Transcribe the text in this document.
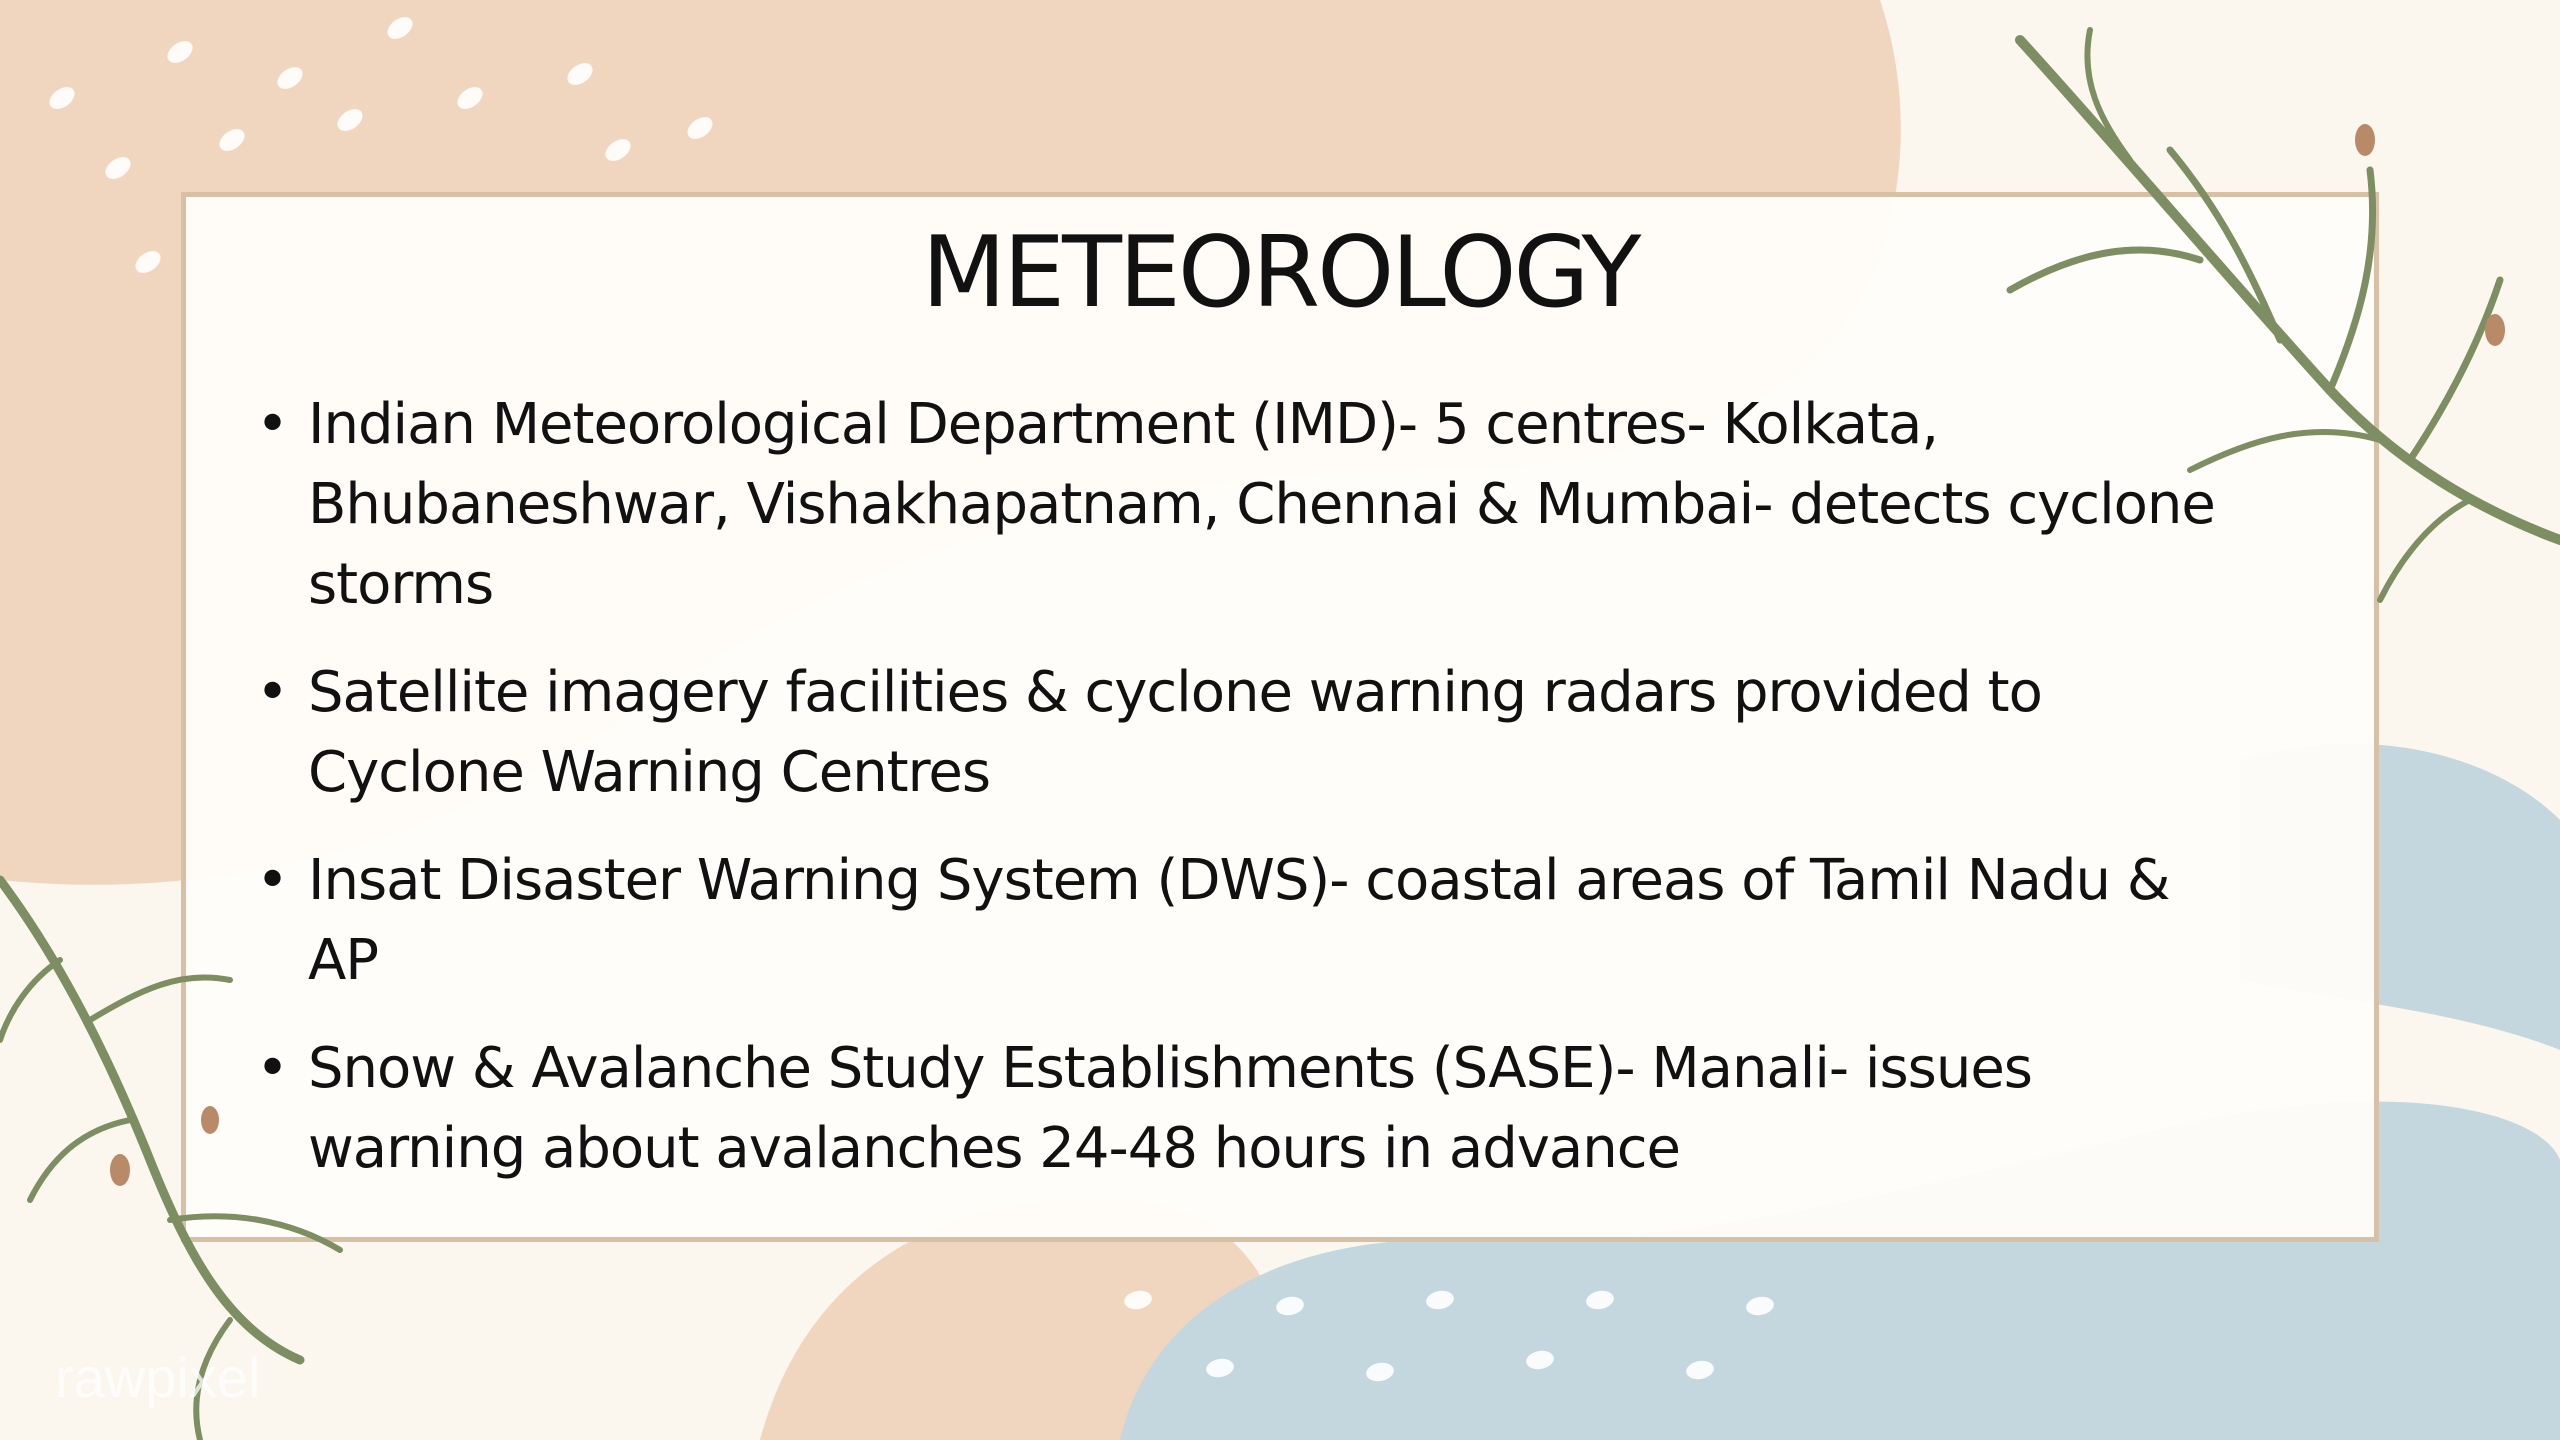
METEOROLOGY
• Indian Meteorological Department (IMD)- 5 centres- Kolkata,
Bhubaneshwar, Vishakhapatnam, Chennai & Mumbai- detects cyclone
storms
• Satellite imagery facilities & cyclone warning radars provided to
Cyclone Warning Centres
• Insat Disaster Warning System (DWS)- coastal areas of Tamil Nadu &
AP
• Snow & Avalanche Study Establishments (SASE)- Manali- issues
warning about avalanches 24-48 hours in advance
rawpixel
